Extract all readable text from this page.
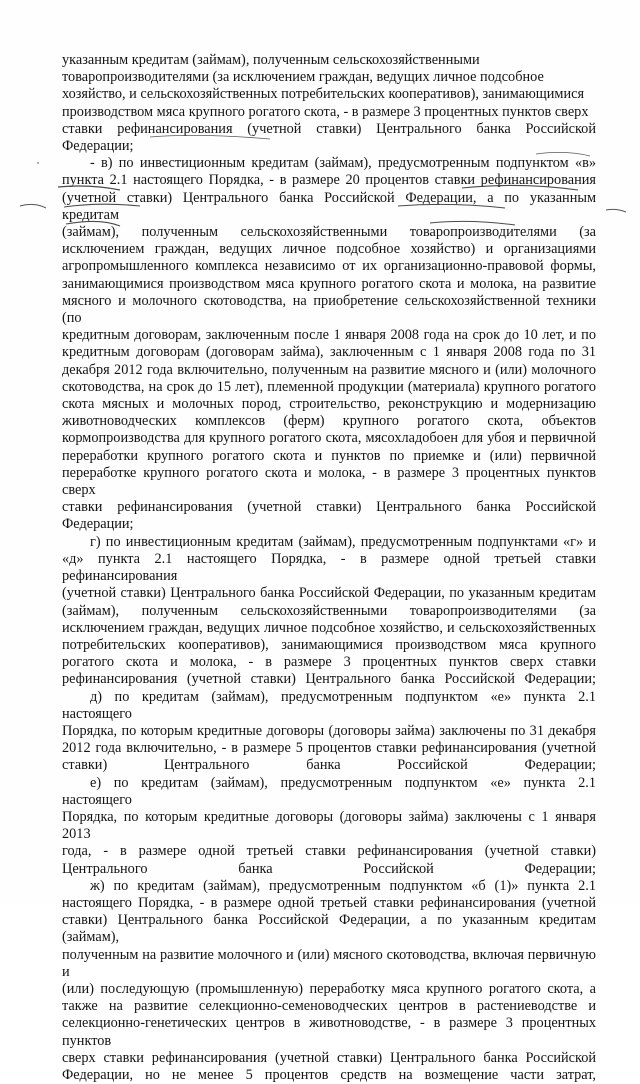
указанным кредитам (займам), полученным сельскохозяйственными
товаропроизводителями (за исключением граждан, ведущих личное подсобное
хозяйство, и сельскохозяйственных потребительских кооперативов), занимающимися
производством мяса крупного рогатого скота, - в размере 3 процентных пунктов сверх
ставки рефинансирования (учетной ставки) Центрального банка Российской Федерации;

- в) по инвестиционным кредитам (займам), предусмотренным подпунктом «в»
пункта 2.1 настоящего Порядка, - в размере 20 процентов ставки рефинансирования
(учетной ставки) Центрального банка Российской Федерации, а по указанным кредитам
(займам), полученным сельскохозяйственными товаропроизводителями (за
исключением граждан, ведущих личное подсобное хозяйство) и организациями
агропромышленного комплекса независимо от их организационно-правовой формы,
занимающимися производством мяса крупного рогатого скота и молока, на развитие
мясного и молочного скотоводства, на приобретение сельскохозяйственной техники (по
кредитным договорам, заключенным после 1 января 2008 года на срок до 10 лет, и по
кредитным договорам (договорам займа), заключенным с 1 января 2008 года по 31
декабря 2012 года включительно, полученным на развитие мясного и (или) молочного
скотоводства, на срок до 15 лет), племенной продукции (материала) крупного рогатого
скота мясных и молочных пород, строительство, реконструкцию и модернизацию
животноводческих комплексов (ферм) крупного рогатого скота, объектов
кормопроизводства для крупного рогатого скота, мясохладобоен для убоя и первичной
переработки крупного рогатого скота и пунктов по приемке и (или) первичной
переработке крупного рогатого скота и молока, - в размере 3 процентных пунктов сверх
ставки рефинансирования (учетной ставки) Центрального банка Российской Федерации;

г) по инвестиционным кредитам (займам), предусмотренным подпунктами «г» и
«д» пункта 2.1 настоящего Порядка, - в размере одной третьей ставки рефинансирования
(учетной ставки) Центрального банка Российской Федерации, по указанным кредитам
(займам), полученным сельскохозяйственными товаропроизводителями (за
исключением граждан, ведущих личное подсобное хозяйство, и сельскохозяйственных
потребительских кооперативов), занимающимися производством мяса крупного
рогатого скота и молока, - в размере 3 процентных пунктов сверх ставки
рефинансирования (учетной ставки) Центрального банка Российской Федерации;

д) по кредитам (займам), предусмотренным подпунктом «е» пункта 2.1 настоящего
Порядка, по которым кредитные договоры (договоры займа) заключены по 31 декабря
2012 года включительно, - в размере 5 процентов ставки рефинансирования (учетной
ставки) Центрального банка Российской Федерации;

е) по кредитам (займам), предусмотренным подпунктом «е» пункта 2.1 настоящего
Порядка, по которым кредитные договоры (договоры займа) заключены с 1 января 2013
года, - в размере одной третьей ставки рефинансирования (учетной ставки)
Центрального банка Российской Федерации;

ж) по кредитам (займам), предусмотренным подпунктом «б (1)» пункта 2.1
настоящего Порядка, - в размере одной третьей ставки рефинансирования (учетной
ставки) Центрального банка Российской Федерации, а по указанным кредитам (займам),
полученным на развитие молочного и (или) мясного скотоводства, включая первичную и
(или) последующую (промышленную) переработку мяса крупного рогатого скота, а
также на развитие селекционно-семеноводческих центров в растениеводстве и
селекционно-генетических центров в животноводстве, - в размере 3 процентных пунктов
сверх ставки рефинансирования (учетной ставки) Центрального банка Российской
Федерации, но не менее 5 процентов средств на возмещение части затрат,
